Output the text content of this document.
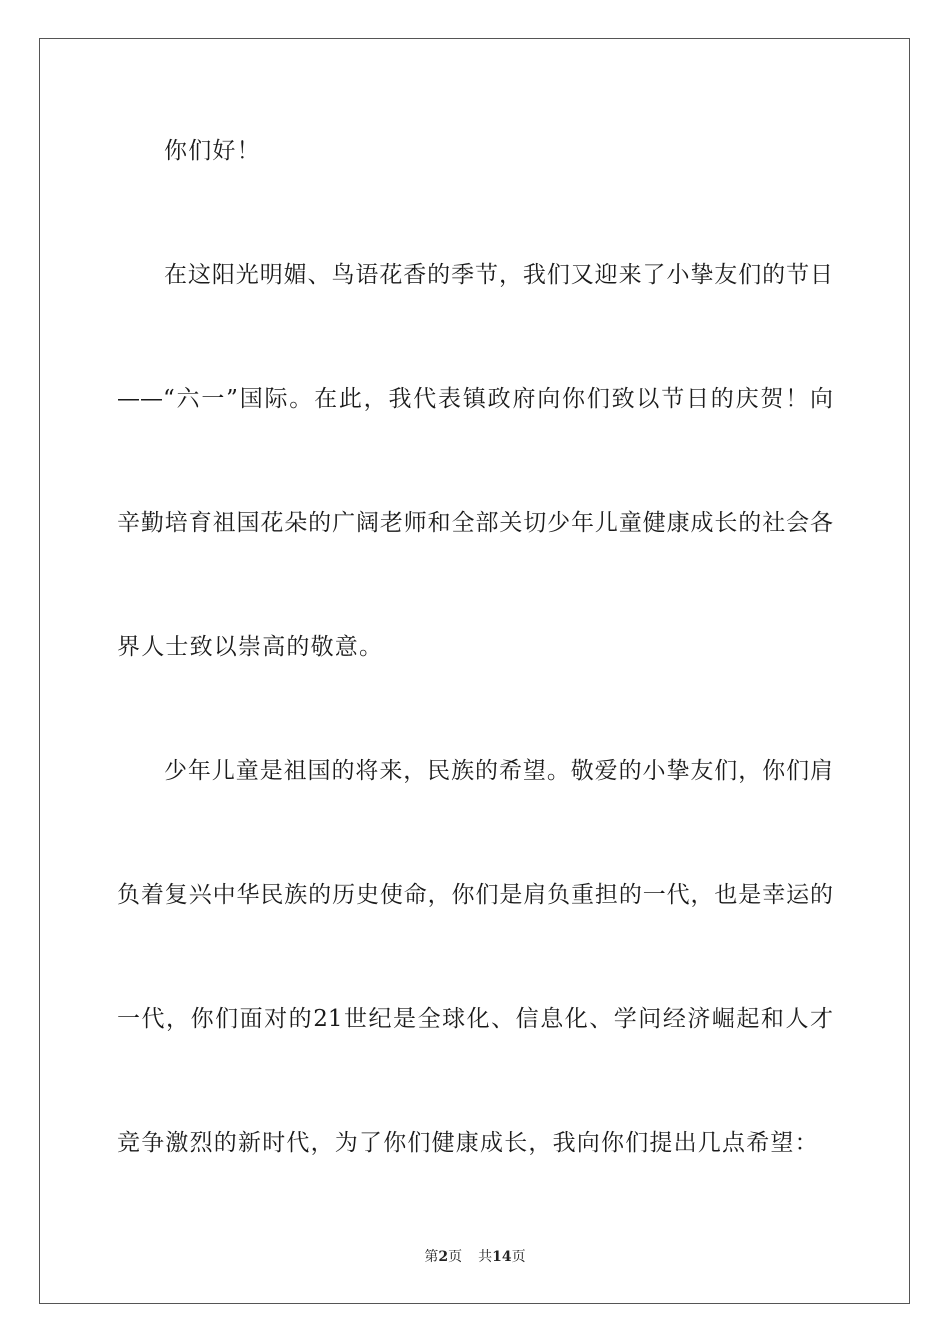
你们好！
在这阳光明媚、鸟语花香的季节，我们又迎来了小挚友们的节日
——“六一”国际。在此，我代表镇政府向你们致以节日的庆贺！向
辛勤培育祖国花朵的广阔老师和全部关切少年儿童健康成长的社会各
界人士致以崇高的敬意。
少年儿童是祖国的将来，民族的希望。敬爱的小挚友们，你们肩
负着复兴中华民族的历史使命，你们是肩负重担的一代，也是幸运的
一代，你们面对的21世纪是全球化、信息化、学问经济崛起和人才
竞争激烈的新时代，为了你们健康成长，我向你们提出几点希望：
第2页 共14页
